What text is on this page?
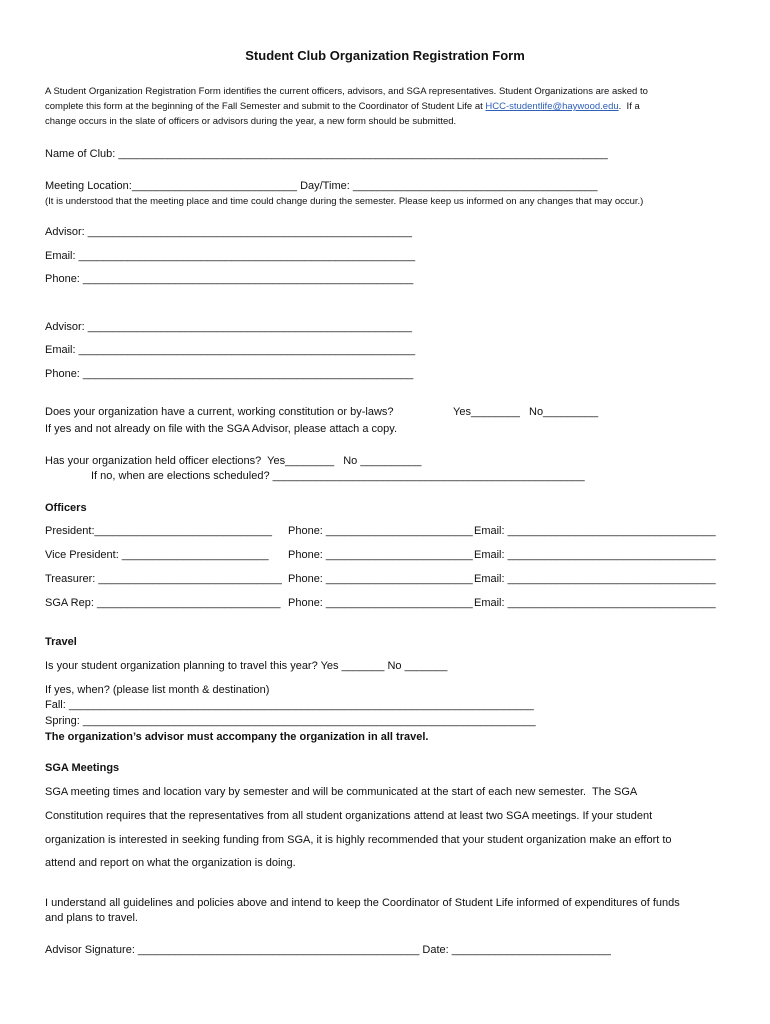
Student Club Organization Registration Form
A Student Organization Registration Form identifies the current officers, advisors, and SGA representatives. Student Organizations are asked to
complete this form at the beginning of the Fall Semester and submit to the Coordinator of Student Life at HCC-studentlife@haywood.edu.  If a
change occurs in the slate of officers or advisors during the year, a new form should be submitted.
Name of Club: ________________________________________________________________________________
Meeting Location:___________________________ Day/Time: ________________________________________
(It is understood that the meeting place and time could change during the semester. Please keep us informed on any changes that may occur.)
Advisor: _____________________________________________________
Email: _______________________________________________________
Phone: ______________________________________________________
Advisor: _____________________________________________________
Email: _______________________________________________________
Phone: ______________________________________________________
Does your organization have a current, working constitution or by-laws?	Yes________ No_________
If yes and not already on file with the SGA Advisor, please attach a copy.
Has your organization held officer elections?  Yes________   No __________
If no, when are elections scheduled? ___________________________________________________
Officers
President:_____________________________ Phone: ________________________ Email: __________________________________
Vice President: ________________________ Phone: ________________________ Email: __________________________________
Treasurer: ______________________________ Phone: ________________________ Email: __________________________________
SGA Rep: ______________________________ Phone: ________________________ Email: __________________________________
Travel
Is your student organization planning to travel this year? Yes _______ No _______
If yes, when? (please list month & destination)
Fall: ____________________________________________________________________________
Spring: __________________________________________________________________________
The organization’s advisor must accompany the organization in all travel.
SGA Meetings
SGA meeting times and location vary by semester and will be communicated at the start of each new semester.  The SGA
Constitution requires that the representatives from all student organizations attend at least two SGA meetings. If your student
organization is interested in seeking funding from SGA, it is highly recommended that your student organization make an effort to
attend and report on what the organization is doing.
I understand all guidelines and policies above and intend to keep the Coordinator of Student Life informed of expenditures of funds
and plans to travel.
Advisor Signature: ______________________________________________ Date: __________________________
